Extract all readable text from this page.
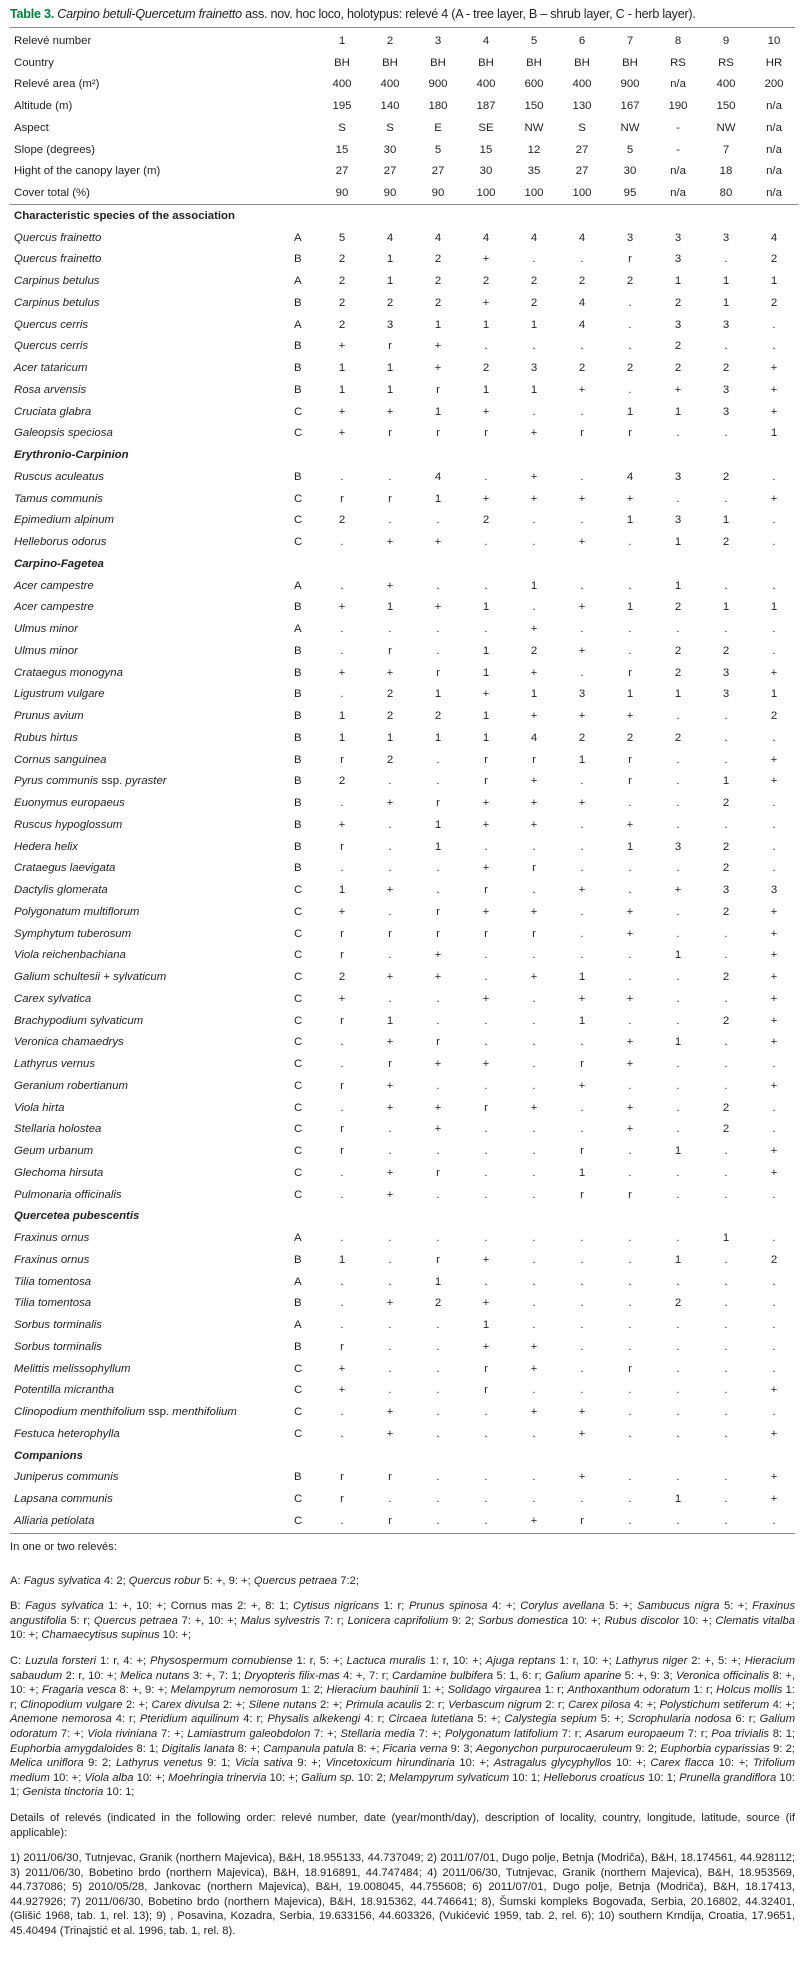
Table 3. Carpino betuli-Quercetum frainetto ass. nov. hoc loco, holotypus: relevé 4 (A - tree layer, B – shrub layer, C - herb layer).
Relevé number		1	2	3	4	5	6	7	8	9	10
Country		BH	BH	BH	BH	BH	BH	BH	RS	RS	HR
Relevé area (m²)		400	400	900	400	600	400	900	n/a	400	200
Altitude (m)		195	140	180	187	150	130	167	190	150	n/a
Aspect		S	S	E	SE	NW	S	NW	-	NW	n/a
Slope (degrees)		15	30	5	15	12	27	5	-	7	n/a
Hight of the canopy layer (m)		27	27	27	30	35	27	30	n/a	18	n/a
Cover total (%)		90	90	90	100	100	100	95	n/a	80	n/a
Characteristic species of the association											
Quercus frainetto	A	5	4	4	4	4	4	3	3	3	4
Quercus frainetto	B	2	1	2	+	.	.	r	3	.	2
Carpinus betulus	A	2	1	2	2	2	2	2	1	1	1
Carpinus betulus	B	2	2	2	+	2	4	.	2	1	2
Quercus cerris	A	2	3	1	1	1	4	.	3	3	.
Quercus cerris	B	+	r	+	.	.	.	.	2	.	.
Acer tataricum	B	1	1	+	2	3	2	2	2	2	+
Rosa arvensis	B	1	1	r	1	1	+	.	+	3	+
Cruciata glabra	C	+	+	1	+	.	.	1	1	3	+
Galeopsis speciosa	C	+	r	r	r	+	r	r	.	.	1
Erythronio-Carpinion											
Ruscus aculeatus	B	.	.	4	.	+	.	4	3	2	.
Tamus communis	C	r	r	1	+	+	+	+	.	.	+
Epimedium alpinum	C	2	.	.	2	.	.	1	3	1	.
Helleborus odorus	C	.	+	+	.	.	+	.	1	2	.
Carpino-Fagetea											
Acer campestre	A	.	+	.	.	1	.	.	1	.	.
Acer campestre	B	+	1	+	1	.	+	1	2	1	1
Ulmus minor	A	.	.	.	.	+	.	.	.	.	.
Ulmus minor	B	.	r	.	1	2	+	.	2	2	.
Crataegus monogyna	B	+	+	r	1	+	.	r	2	3	+
Ligustrum vulgare	B	.	2	1	+	1	3	1	1	3	1
Prunus avium	B	1	2	2	1	+	+	+	.	.	2
Rubus hirtus	B	1	1	1	1	4	2	2	2	.	.
Cornus sanguinea	B	r	2	.	r	r	1	r	.	.	+
Pyrus communis ssp. pyraster	B	2	.	.	r	+	.	r	.	1	+
Euonymus europaeus	B	.	+	r	+	+	+	.	.	2	.
Ruscus hypoglossum	B	+	.	1	+	+	.	+	.	.	.
Hedera helix	B	r	.	1	.	.	.	1	3	2	.
Crataegus laevigata	B	.	.	.	+	r	.	.	.	2	.
Dactylis glomerata	C	1	+	.	r	.	+	.	+	3	3
Polygonatum multiflorum	C	+	.	r	+	+	.	+	.	2	+
Symphytum tuberosum	C	r	r	r	r	r	.	+	.	.	+
Viola reichenbachiana	C	r	.	+	.	.	.	.	1	.	+
Galium schultesii + sylvaticum	C	2	+	+	.	+	1	.	.	2	+
Carex sylvatica	C	+	.	.	+	.	+	+	.	.	+
Brachypodium sylvaticum	C	r	1	.	.	.	1	.	.	2	+
Veronica chamaedrys	C	.	+	r	.	.	.	+	1	.	+
Lathyrus vernus	C	.	r	+	+	.	r	+	.	.	.
Geranium robertianum	C	r	+	.	.	.	+	.	.	.	+
Viola hirta	C	.	+	+	r	+	.	+	.	2	.
Stellaria holostea	C	r	.	+	.	.	.	+	.	2	.
Geum urbanum	C	r	.	.	.	.	r	.	1	.	+
Glechoma hirsuta	C	.	+	r	.	.	1	.	.	.	+
Pulmonaria officinalis	C	.	+	.	.	.	r	r	.	.	.
Quercetea pubescentis											
Fraxinus ornus	A	.	.	.	.	.	.	.	.	1	.
Fraxinus ornus	B	1	.	r	+	.	.	.	1	.	2
Tilia tomentosa	A	.	.	1	.	.	.	.	.	.	.
Tilia tomentosa	B	.	+	2	+	.	.	.	2	.	.
Sorbus torminalis	A	.	.	.	1	.	.	.	.	.	.
Sorbus torminalis	B	r	.	.	+	+	.	.	.	.	.
Melittis melissophyllum	C	+	.	.	r	+	.	r	.	.	.
Potentilla micrantha	C	+	.	.	r	.	.	.	.	.	+
Clinopodium menthifolium ssp. menthifolium	C	.	+	.	.	+	+	.	.	.	.
Festuca heterophylla	C	.	+	.	.	.	+	.	.	.	+
Companions											
Juniperus communis	B	r	r	.	.	.	+	.	.	.	+
Lapsana communis	C	r	.	.	.	.	.	.	1	.	+
Alliaria petiolata	C	.	r	.	.	+	r	.	.	.	.

In one or two relevés:

A: Fagus sylvatica 4: 2; Quercus robur 5: +, 9: +; Quercus petraea 7:2;

B: Fagus sylvatica 1: +, 10: +; Cornus mas 2: +, 8: 1; Cytisus nigricans 1: r; Prunus spinosa 4: +; Corylus avellana 5: +; Sambucus nigra 5: +; Fraxinus angustifolia 5: r; Quercus petraea 7: +, 10: +; Malus sylvestris 7: r; Lonicera caprifolium 9: 2; Sorbus domestica 10: +; Rubus discolor 10: +; Clematis vitalba 10: +; Chamaecytisus supinus 10: +;

C: Luzula forsteri 1: r, 4: +; Physospermum cornubiense 1: r, 5: +; Lactuca muralis 1: r, 10: +; Ajuga reptans 1: r, 10: +; Lathyrus niger 2: +, 5: +; Hieracium sabaudum 2: r, 10: +; Melica nutans 3: +, 7: 1; Dryopteris filix-mas 4: +, 7: r; Cardamine bulbifera 5: 1, 6: r; Galium aparine 5: +, 9: 3; Veronica officinalis 8: +, 10: +; Fragaria vesca 8: +, 9: +; Melampyrum nemorosum 1: 2; Hieracium bauhinii 1: +; Solidago virgaurea 1: r; Anthoxanthum odoratum 1: r; Holcus mollis 1: r; Clinopodium vulgare 2: +; Carex divulsa 2: +; Silene nutans 2: +; Primula acaulis 2: r; Verbascum nigrum 2: r; Carex pilosa 4: +; Polystichum setiferum 4: +; Anemone nemorosa 4: r; Pteridium aquilinum 4: r; Physalis alkekengi 4: r; Circaea lutetiana 5: +; Calystegia sepium 5: +; Scrophularia nodosa 6: r; Galium odoratum 7: +; Viola riviniana 7: +; Lamiastrum galeobdolon 7: +; Stellaria media 7: +; Polygonatum latifolium 7: r; Asarum europaeum 7: r; Poa trivialis 8: 1; Euphorbia amygdaloides 8: 1; Digitalis lanata 8: +; Campanula patula 8: +; Ficaria verna 9: 3; Aegonychon purpurocaeruleum 9: 2; Euphorbia cyparissias 9: 2; Melica uniflora 9: 2; Lathyrus venetus 9: 1; Vicia sativa 9: +; Vincetoxicum hirundinaria 10: +; Astragalus glycyphyllos 10: +; Carex flacca 10: +; Trifolium medium 10: +; Viola alba 10: +; Moehringia trinervia 10: +; Galium sp. 10: 2; Melampyrum sylvaticum 10: 1; Helleborus croaticus 10: 1; Prunella grandiflora 10: 1; Genista tinctoria 10: 1;

Details of relevés (indicated in the following order: relevé number, date (year/month/day), description of locality, country, longitude, latitude, source (if applicable):

1) 2011/06/30, Tutnjevac, Granik (northern Majevica), B&H, 18.955133, 44.737049; 2) 2011/07/01, Dugo polje, Betnja (Modriča), B&H, 18.174561, 44.928112; 3) 2011/06/30, Bobetino brdo (northern Majevica), B&H, 18.916891, 44.747484; 4) 2011/06/30, Tutnjevac, Granik (northern Majevica), B&H, 18.953569, 44.737086; 5) 2010/05/28, Jankovac (northern Majevica), B&H, 19.008045, 44.755608; 6) 2011/07/01, Dugo polje, Betnja (Modriča), B&H, 18.17413, 44.927926; 7) 2011/06/30, Bobetino brdo (northern Majevica), B&H, 18.915362, 44.746641; 8), Šumski kompleks Bogovađa, Serbia, 20.16802, 44.32401, (Glišić 1968, tab. 1, rel. 13); 9) , Posavina, Kozadra, Serbia, 19.633156, 44.603326, (Vukićević 1959, tab. 2, rel. 6); 10) southern Krndija, Croatia, 17.9651, 45.40494 (Trinajstić et al. 1996, tab. 1, rel. 8).
